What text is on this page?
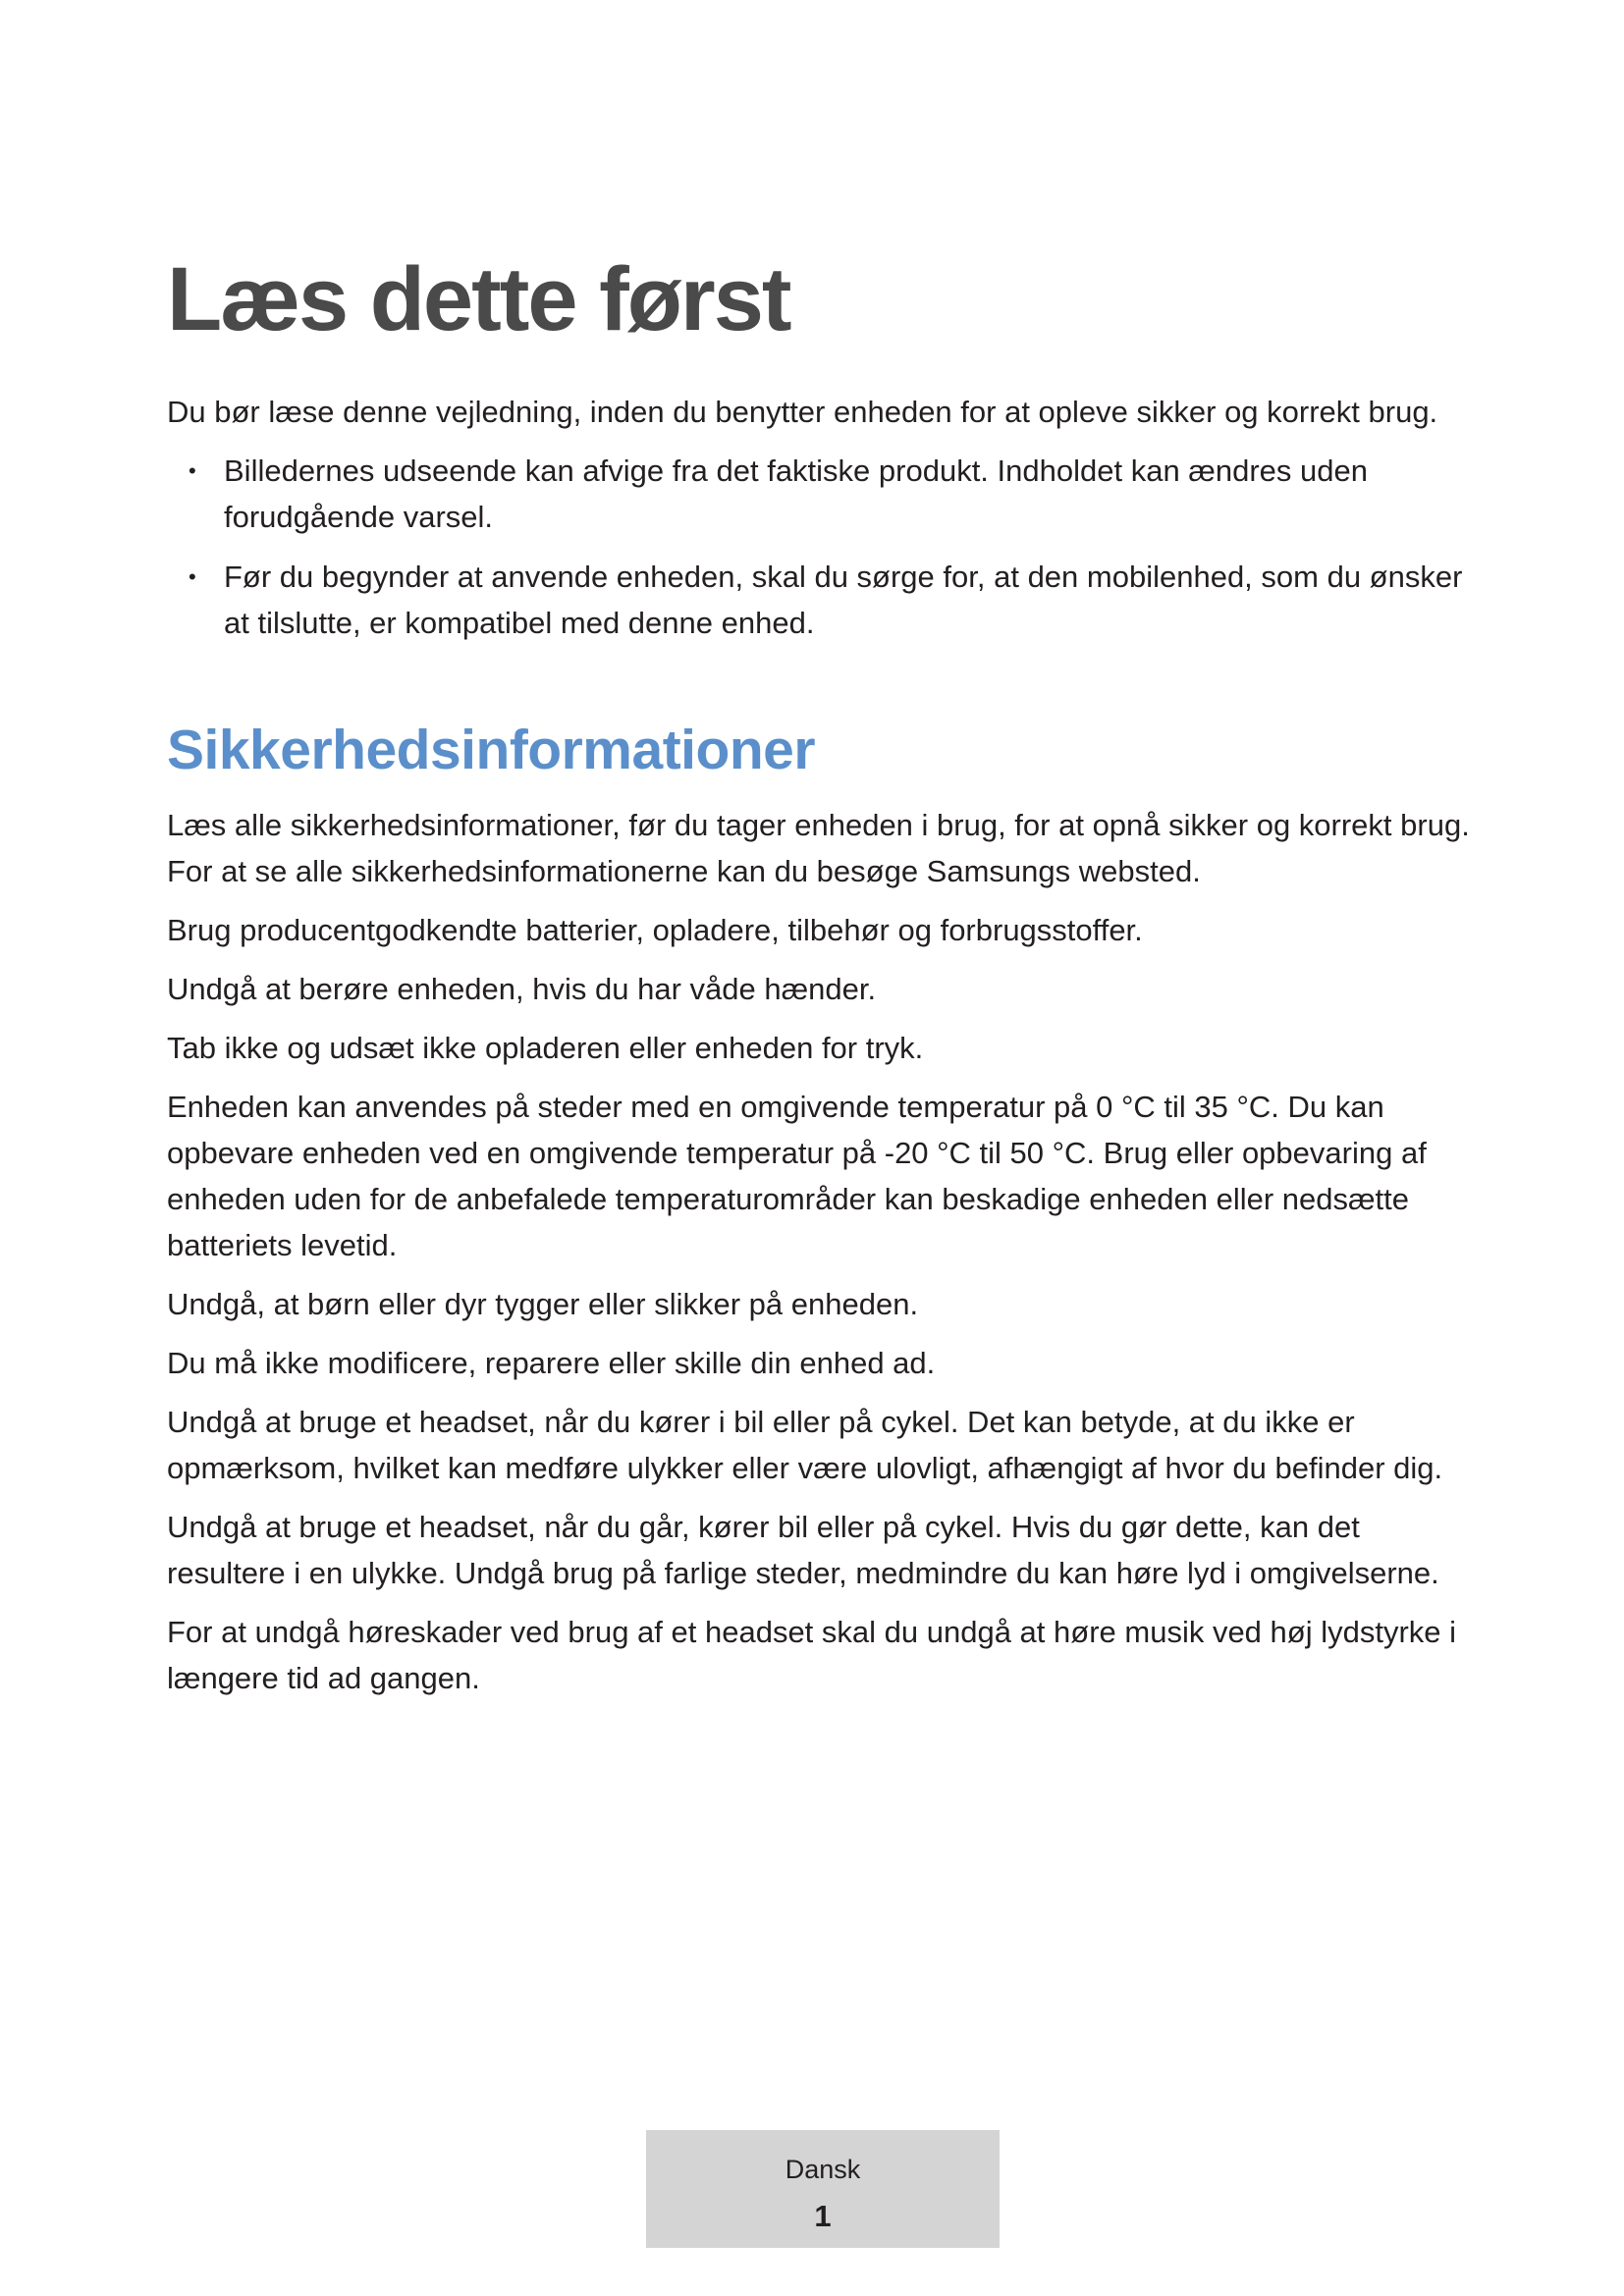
Læs dette først

Du bør læse denne vejledning, inden du benytter enheden for at opleve sikker og korrekt brug.

• Billedernes udseende kan afvige fra det faktiske produkt. Indholdet kan ændres uden forudgående varsel.
• Før du begynder at anvende enheden, skal du sørge for, at den mobilenhed, som du ønsker at tilslutte, er kompatibel med denne enhed.
Sikkerhedsinformationer

Læs alle sikkerhedsinformationer, før du tager enheden i brug, for at opnå sikker og korrekt brug. For at se alle sikkerhedsinformationerne kan du besøge Samsungs websted.

Brug producentgodkendte batterier, opladere, tilbehør og forbrugsstoffer.

Undgå at berøre enheden, hvis du har våde hænder.

Tab ikke og udsæt ikke opladeren eller enheden for tryk.

Enheden kan anvendes på steder med en omgivende temperatur på 0 °C til 35 °C. Du kan opbevare enheden ved en omgivende temperatur på -20 °C til 50 °C. Brug eller opbevaring af enheden uden for de anbefalede temperaturområder kan beskadige enheden eller nedsætte batteriets levetid.

Undgå, at børn eller dyr tygger eller slikker på enheden.

Du må ikke modificere, reparere eller skille din enhed ad.

Undgå at bruge et headset, når du kører i bil eller på cykel. Det kan betyde, at du ikke er opmærksom, hvilket kan medføre ulykker eller være ulovligt, afhængigt af hvor du befinder dig.

Undgå at bruge et headset, når du går, kører bil eller på cykel. Hvis du gør dette, kan det resultere i en ulykke. Undgå brug på farlige steder, medmindre du kan høre lyd i omgivelserne.

For at undgå høreskader ved brug af et headset skal du undgå at høre musik ved høj lydstyrke i længere tid ad gangen.

Dansk
1
